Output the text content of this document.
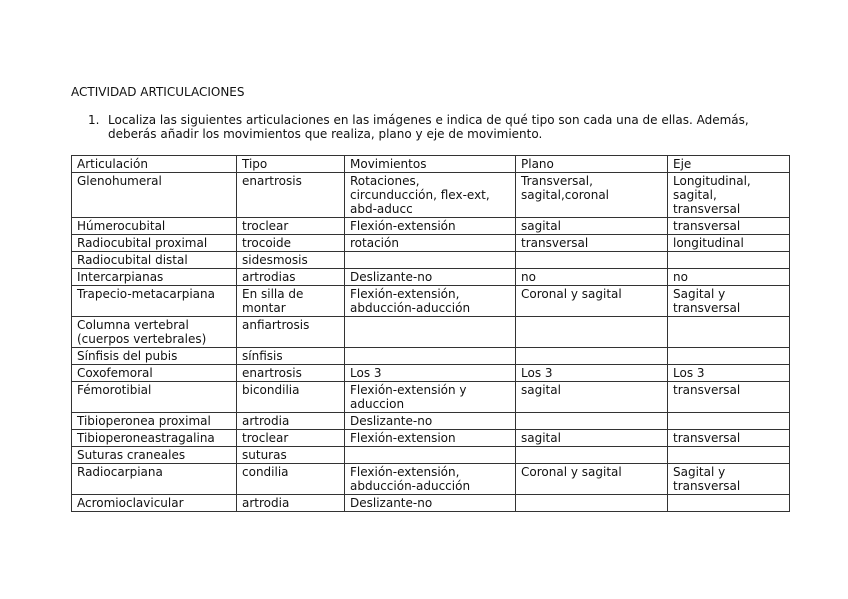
ACTIVIDAD ARTICULACIONES
1. Localiza las siguientes articulaciones en las imágenes e indica de qué tipo son cada una de ellas. Además, deberás añadir los movimientos que realiza, plano y eje de movimiento.
Articulación	Tipo	Movimientos	Plano	Eje
Glenohumeral	enartrosis	Rotaciones, circunducción, flex-ext, abd-aducc	Transversal, sagital,coronal	Longitudinal, sagital, transversal
Húmerocubital	troclear	Flexión-extensión	sagital	transversal
Radiocubital proximal	trocoide	rotación	transversal	longitudinal
Radiocubital distal	sidesmosis			
Intercarpianas	artrodias	Deslizante-no	no	no
Trapecio-metacarpiana	En silla de montar	Flexión-extensión, abducción-aducción	Coronal y sagital	Sagital y transversal
Columna vertebral (cuerpos vertebrales)	anfiartrosis			
Sínfisis del pubis	sínfisis			
Coxofemoral	enartrosis	Los 3	Los 3	Los 3
Fémorotibial	bicondilia	Flexión-extensión y aduccion	sagital	transversal
Tibioperonea proximal	artrodia	Deslizante-no		
Tibioperoneastragalina	troclear	Flexión-extension	sagital	transversal
Suturas craneales	suturas			
Radiocarpiana	condilia	Flexión-extensión, abducción-aducción	Coronal y sagital	Sagital y transversal
Acromioclavicular	artrodia	Deslizante-no		
